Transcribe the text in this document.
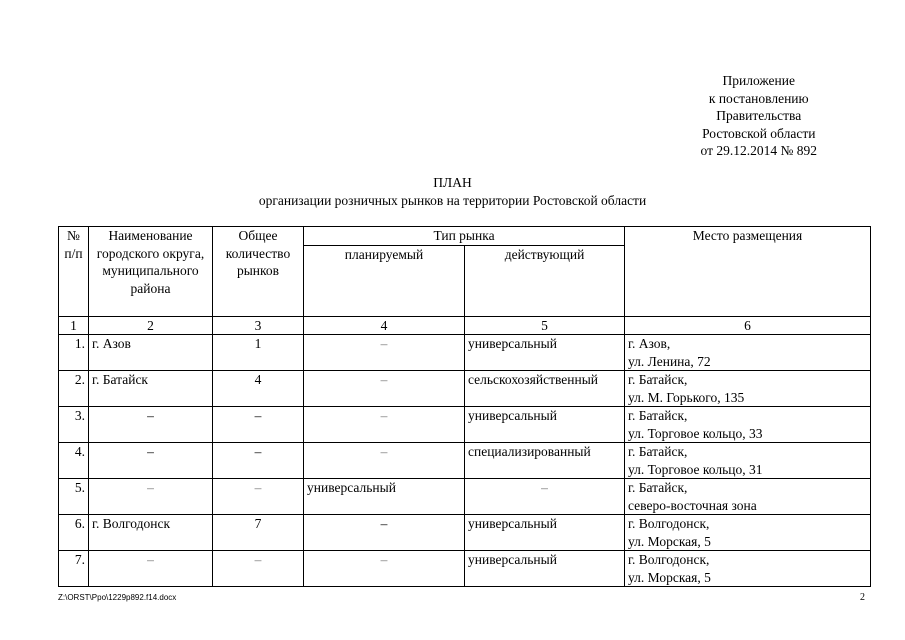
Приложение
к постановлению
Правительства
Ростовской области
от 29.12.2014 № 892
ПЛАН
организации розничных рынков на территории Ростовской области
№ п/п	Наименование городского округа, муниципального района	Общее количество рынков	Тип рынка		Место размещения
			планируемый	действующий	
1	2	3	4	5	6
1.	г. Азов	1	–	универсальный	г. Азов,
ул. Ленина, 72

2.	г. Батайск	4	–	сельскохозяйственный	г. Батайск,
ул. М. Горького, 135

3.	–	–	–	универсальный	г. Батайск,
ул. Торговое кольцо, 33

4.	–	–	–	специализированный	г. Батайск,
ул. Торговое кольцо, 31

5.	–	–	универсальный	–	г. Батайск,
северо-восточная зона

6.	г. Волгодонск	7	–	универсальный	г. Волгодонск,
ул. Морская, 5

7.	–	–	–	универсальный	г. Волгодонск,
ул. Морская, 5
Z:\ORST\Ppo\1229p892.f14.docx	2
